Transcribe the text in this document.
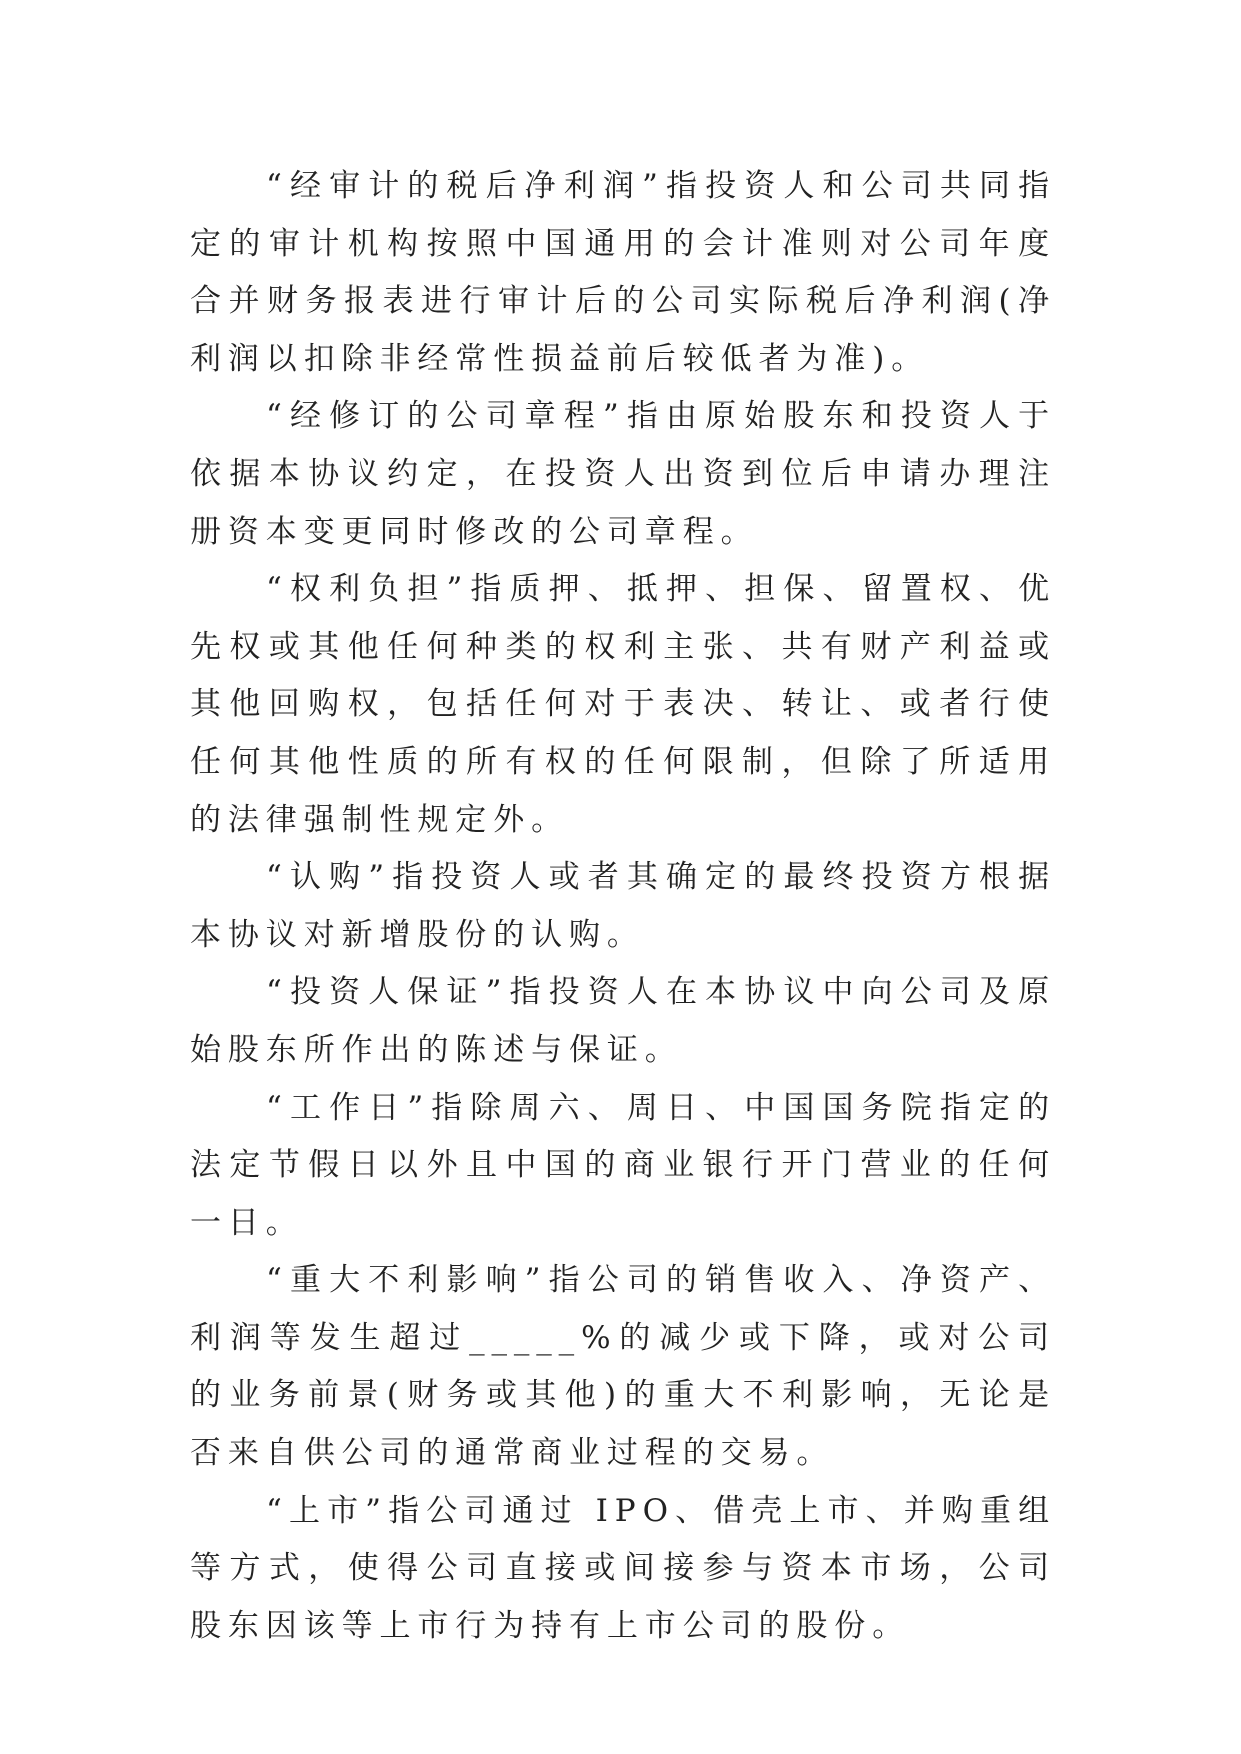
“经审计的税后净利润”指投资人和公司共同指定的审计机构按照中国通用的会计准则对公司年度合并财务报表进行审计后的公司实际税后净利润(净利润以扣除非经常性损益前后较低者为准)。

“经修订的公司章程”指由原始股东和投资人于依据本协议约定，在投资人出资到位后申请办理注册资本变更同时修改的公司章程。

“权利负担”指质押、抵押、担保、留置权、优先权或其他任何种类的权利主张、共有财产利益或其他回购权，包括任何对于表决、转让、或者行使任何其他性质的所有权的任何限制，但除了所适用的法律强制性规定外。

“认购”指投资人或者其确定的最终投资方根据本协议对新增股份的认购。

“投资人保证”指投资人在本协议中向公司及原始股东所作出的陈述与保证。

“工作日”指除周六、周日、中国国务院指定的法定节假日以外且中国的商业银行开门营业的任何一日。

“重大不利影响”指公司的销售收入、净资产、利润等发生超过_____%的减少或下降，或对公司的业务前景(财务或其他)的重大不利影响，无论是否来自供公司的通常商业过程的交易。

“上市”指公司通过 IPO、借壳上市、并购重组等方式，使得公司直接或间接参与资本市场，公司股东因该等上市行为持有上市公司的股份。
